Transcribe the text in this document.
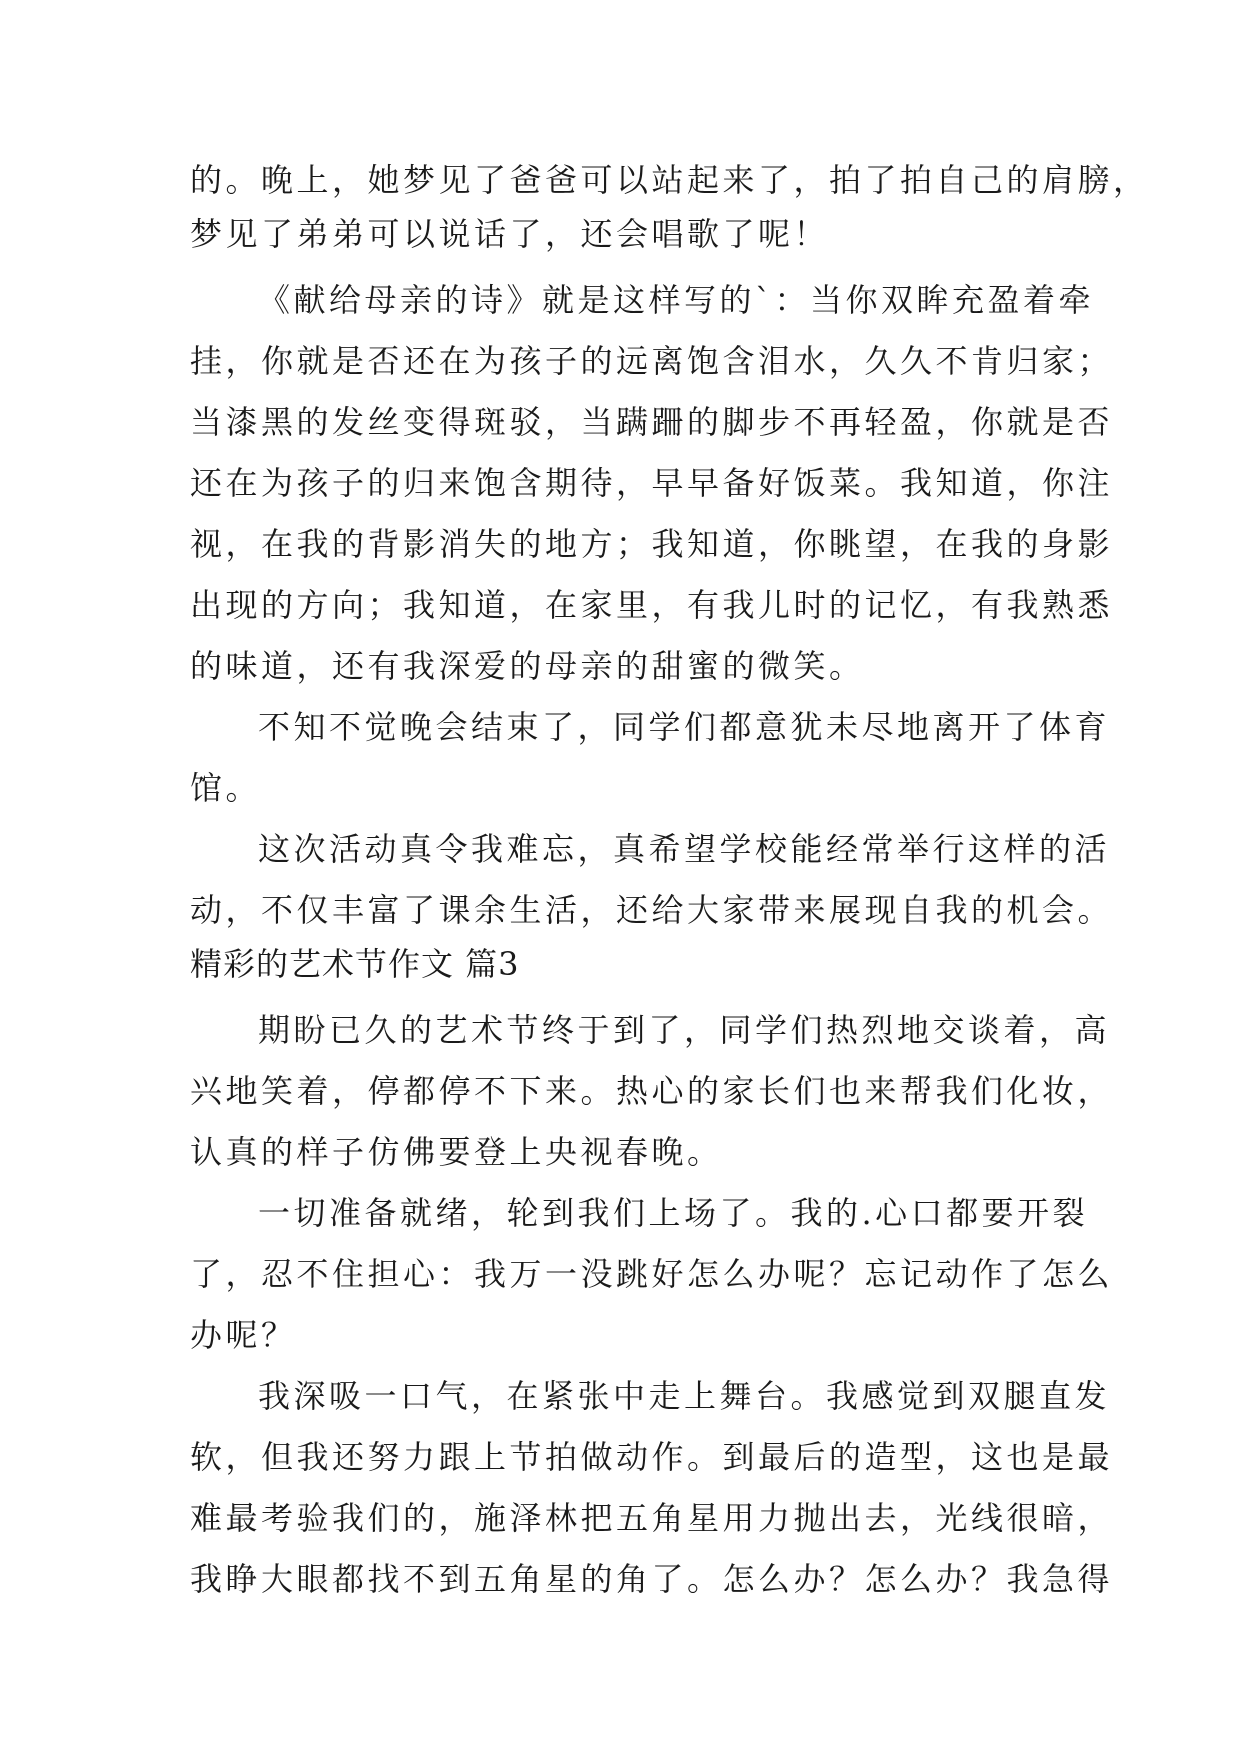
的。晚上，她梦见了爸爸可以站起来了，拍了拍自己的肩膀，
梦见了弟弟可以说话了，还会唱歌了呢！
《献给母亲的诗》就是这样写的`：当你双眸充盈着牵
挂，你就是否还在为孩子的远离饱含泪水，久久不肯归家；
当漆黑的发丝变得斑驳，当蹒跚的脚步不再轻盈，你就是否
还在为孩子的归来饱含期待，早早备好饭菜。我知道，你注
视，在我的背影消失的地方；我知道，你眺望，在我的身影
出现的方向；我知道，在家里，有我儿时的记忆，有我熟悉
的味道，还有我深爱的母亲的甜蜜的微笑。
不知不觉晚会结束了，同学们都意犹未尽地离开了体育
馆。
这次活动真令我难忘，真希望学校能经常举行这样的活
动，不仅丰富了课余生活，还给大家带来展现自我的机会。
精彩的艺术节作文 篇3
期盼已久的艺术节终于到了，同学们热烈地交谈着，高
兴地笑着，停都停不下来。热心的家长们也来帮我们化妆，
认真的样子仿佛要登上央视春晚。
一切准备就绪，轮到我们上场了。我的.心口都要开裂
了，忍不住担心：我万一没跳好怎么办呢？忘记动作了怎么
办呢？
我深吸一口气，在紧张中走上舞台。我感觉到双腿直发
软，但我还努力跟上节拍做动作。到最后的造型，这也是最
难最考验我们的，施泽林把五角星用力抛出去，光线很暗，
我睁大眼都找不到五角星的角了。怎么办？怎么办？我急得
